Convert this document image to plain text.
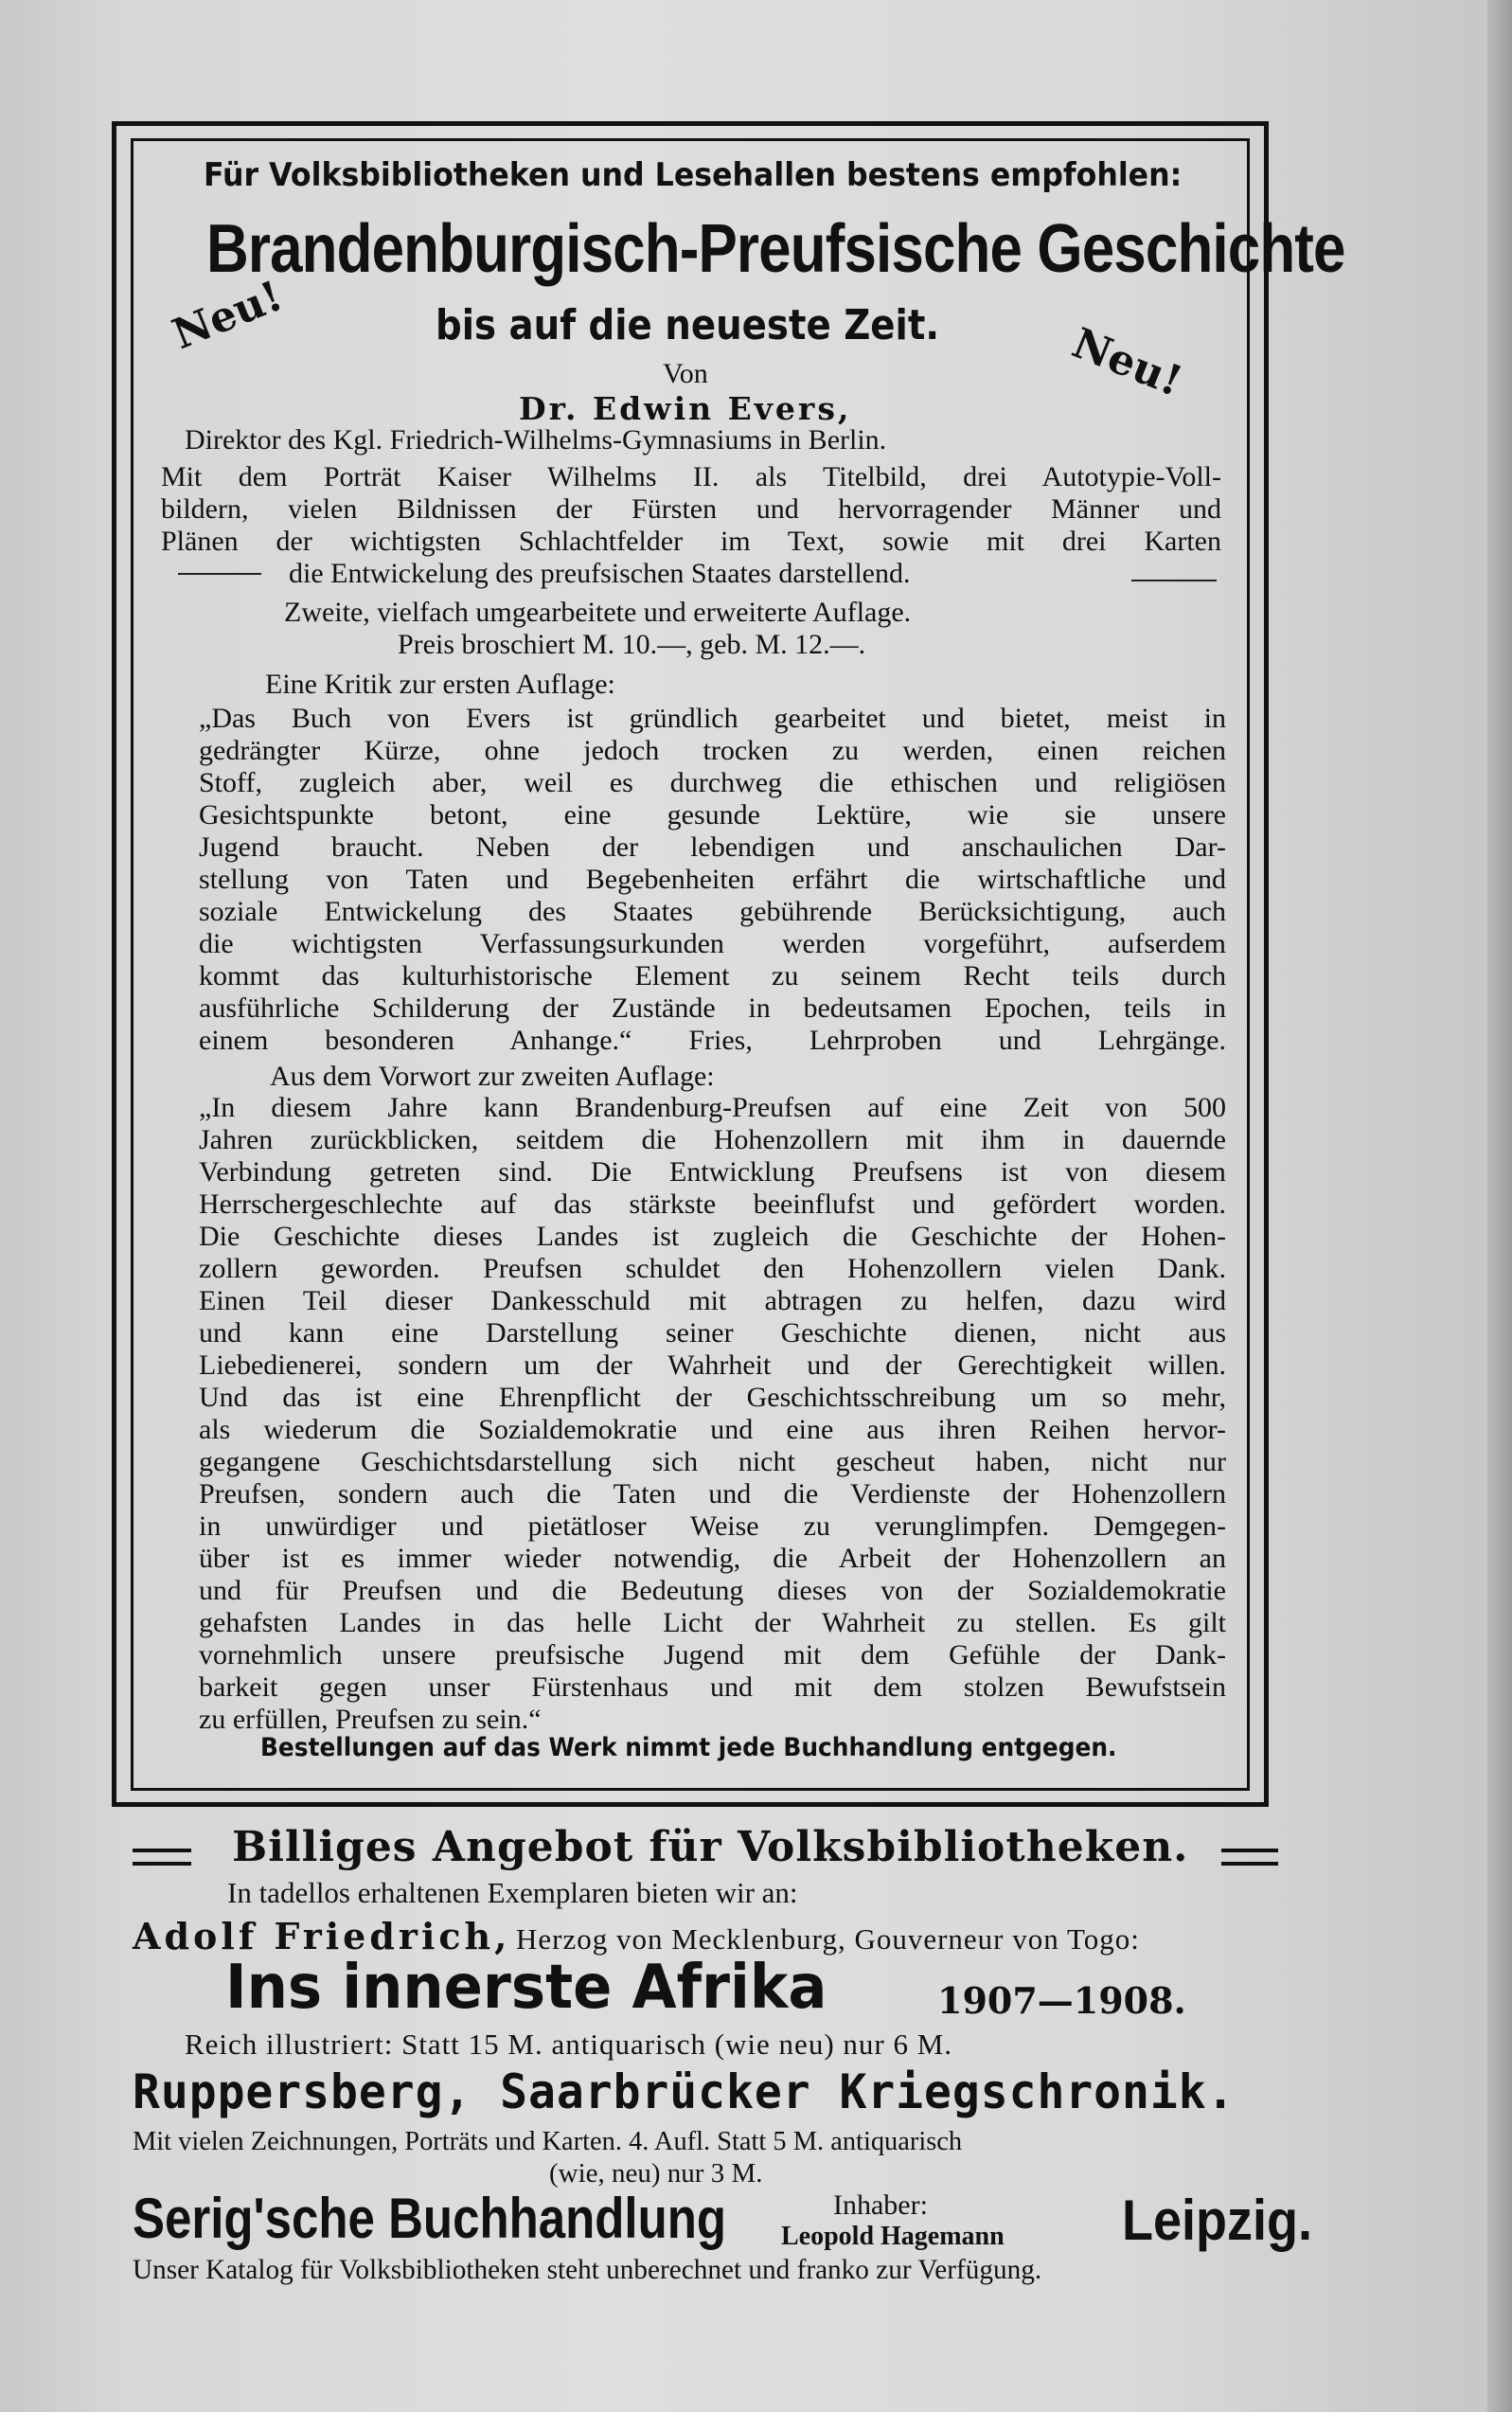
Für Volksbibliotheken und Lesehallen bestens empfohlen:
Brandenburgisch-Preufsische Geschichte
bis auf die neueste Zeit.
Neu!
Neu!
Von
Dr. Edwin Evers,
Direktor des Kgl. Friedrich-Wilhelms-Gymnasiums in Berlin.
Mit dem Porträt Kaiser Wilhelms II. als Titelbild, drei Autotypie-Voll-
bildern, vielen Bildnissen der Fürsten und hervorragender Männer und
Plänen der wichtigsten Schlachtfelder im Text, sowie mit drei Karten
die Entwickelung des preufsischen Staates darstellend.
Zweite, vielfach umgearbeitete und erweiterte Auflage.
Preis broschiert M. 10.—, geb. M. 12.—.
Eine Kritik zur ersten Auflage:
„Das Buch von Evers ist gründlich gearbeitet und bietet, meist in
gedrängter Kürze, ohne jedoch trocken zu werden, einen reichen
Stoff, zugleich aber, weil es durchweg die ethischen und religiösen
Gesichtspunkte betont, eine gesunde Lektüre, wie sie unsere
Jugend braucht. Neben der lebendigen und anschaulichen Dar-
stellung von Taten und Begebenheiten erfährt die wirtschaftliche und
soziale Entwickelung des Staates gebührende Berücksichtigung, auch
die wichtigsten Verfassungsurkunden werden vorgeführt, aufserdem
kommt das kulturhistorische Element zu seinem Recht teils durch
ausführliche Schilderung der Zustände in bedeutsamen Epochen, teils in
einem besonderen Anhange.“ Fries, Lehrproben und Lehrgänge.
Aus dem Vorwort zur zweiten Auflage:
„In diesem Jahre kann Brandenburg-Preufsen auf eine Zeit von 500
Jahren zurückblicken, seitdem die Hohenzollern mit ihm in dauernde
Verbindung getreten sind. Die Entwicklung Preufsens ist von diesem
Herrschergeschlechte auf das stärkste beeinflufst und gefördert worden.
Die Geschichte dieses Landes ist zugleich die Geschichte der Hohen-
zollern geworden. Preufsen schuldet den Hohenzollern vielen Dank.
Einen Teil dieser Dankesschuld mit abtragen zu helfen, dazu wird
und kann eine Darstellung seiner Geschichte dienen, nicht aus
Liebedienerei, sondern um der Wahrheit und der Gerechtigkeit willen.
Und das ist eine Ehrenpflicht der Geschichtsschreibung um so mehr,
als wiederum die Sozialdemokratie und eine aus ihren Reihen hervor-
gegangene Geschichtsdarstellung sich nicht gescheut haben, nicht nur
Preufsen, sondern auch die Taten und die Verdienste der Hohenzollern
in unwürdiger und pietätloser Weise zu verunglimpfen. Demgegen-
über ist es immer wieder notwendig, die Arbeit der Hohenzollern an
und für Preufsen und die Bedeutung dieses von der Sozialdemokratie
gehafsten Landes in das helle Licht der Wahrheit zu stellen. Es gilt
vornehmlich unsere preufsische Jugend mit dem Gefühle der Dank-
barkeit gegen unser Fürstenhaus und mit dem stolzen Bewufstsein
zu erfüllen, Preufsen zu sein.“
Bestellungen auf das Werk nimmt jede Buchhandlung entgegen.
Billiges Angebot für Volksbibliotheken.
In tadellos erhaltenen Exemplaren bieten wir an:
Adolf Friedrich, Herzog von Mecklenburg, Gouverneur von Togo:
Ins innerste Afrika	1907—1908.
Reich illustriert: Statt 15 M. antiquarisch (wie neu) nur 6 M.
Ruppersberg, Saarbrücker Kriegschronik.
Mit vielen Zeichnungen, Porträts und Karten. 4. Aufl. Statt 5 M. antiquarisch
(wie, neu) nur 3 M.
Serig'sche Buchhandlung	Inhaber:
Leopold Hagemann Leipzig.
Unser Katalog für Volksbibliotheken steht unberechnet und franko zur Verfügung.
